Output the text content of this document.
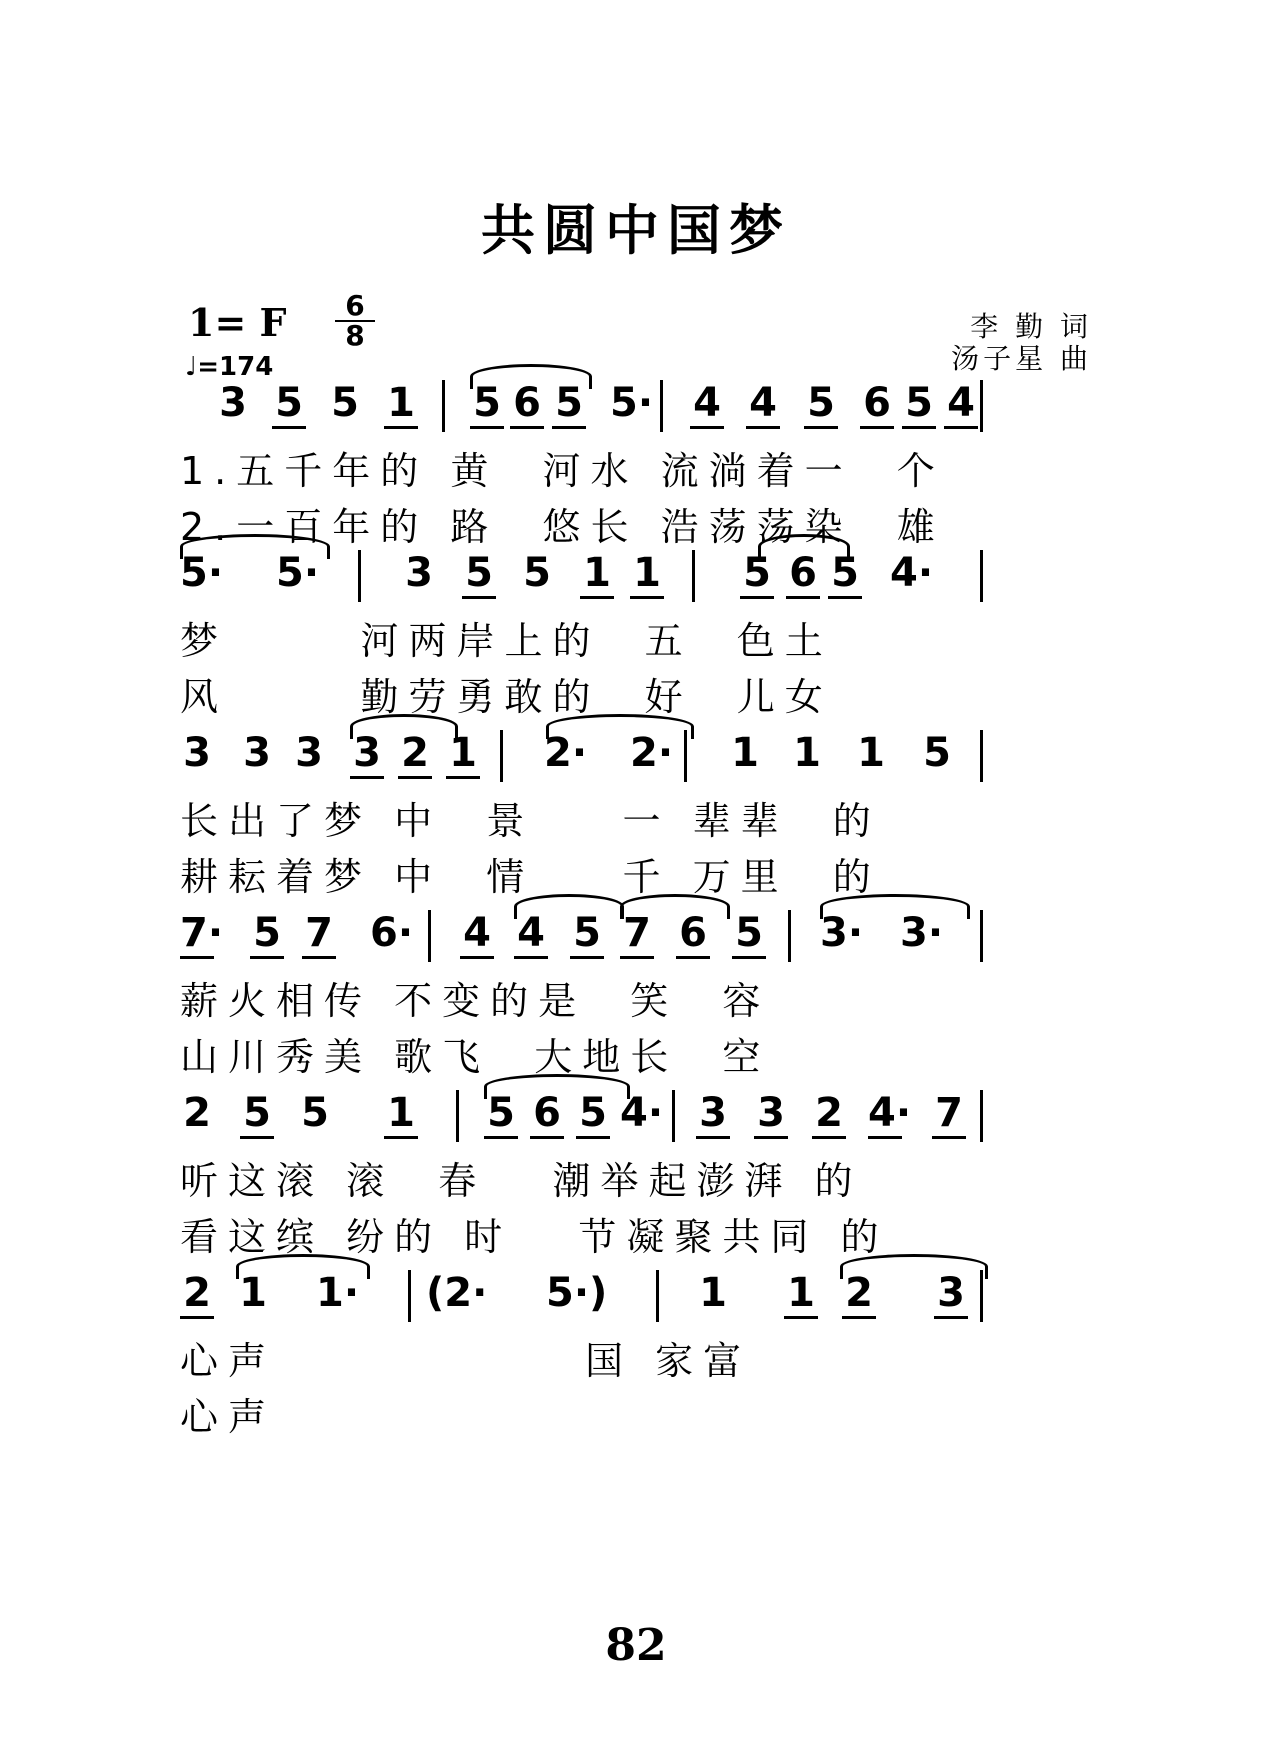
共圆中国梦
1= F $\frac{6}{8}$
♩=174
李 勤 词
汤子星 曲
3 5 5 1 5 6 5 5· 4 4 5 6 5 4
1.五千年的 黄  河水 流淌着一  个
2.一百年的 路  悠长 浩荡荡染  雄
5· 5· 3 5 5 1 1 5 6 5 4·
梦      河两岸上的  五  色土
风      勤劳勇敢的  好  儿女
3 3 3 3 2 1 2· 2· 1 1 1 5
长出了梦 中  景    一 辈辈  的
耕耘着梦 中  情    千 万里  的
7· 5 7 6· 4 4 5 7 6 5 3· 3·
薪火相传 不变的是  笑  容
山川秀美 歌飞  大地长  空
2 5 5 1 5 6 5 4· 3 3 2 4· 7
听这滚 滚  春   潮举起澎湃 的
看这缤 纷的 时   节凝聚共同 的
2 1 1· (2· 5·) 1 1 2 3
心声              国 家富
心声
82
